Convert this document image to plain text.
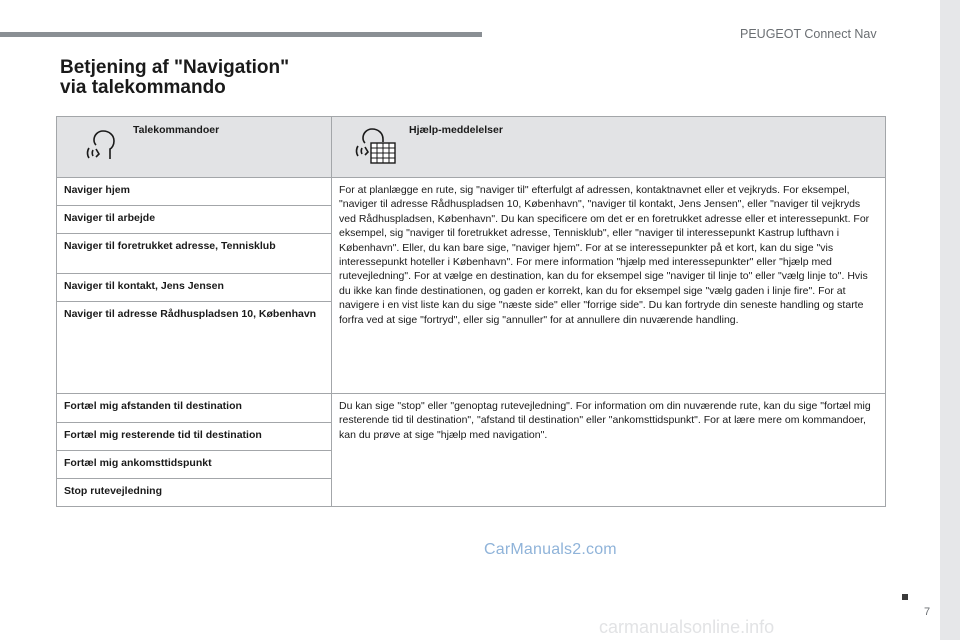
PEUGEOT Connect Nav
Betjening af "Navigation"
via talekommando
Talekommandoer	Hjælp-meddelelser

Naviger hjem	For at planlægge en rute, sig "naviger til" efterfulgt af adressen, kontaktnavnet eller et vejkryds. For eksempel, "naviger til adresse Rådhuspladsen 10, København", "naviger til kontakt, Jens Jensen", eller "naviger til vejkryds ved Rådhuspladsen, København". Du kan specificere om det er en foretrukket adresse eller et interessepunkt. For eksempel, sig "naviger til foretrukket adresse, Tennisklub", eller "naviger til interessepunkt Kastrup lufthavn i København". Eller, du kan bare sige, "naviger hjem". For at se interessepunkter på et kort, kan du sige "vis interessepunkt hoteller i København". For mere information "hjælp med interessepunkter" eller "hjælp med rutevejledning". For at vælge en destination, kan du for eksempel sige "naviger til linje to" eller "vælg linje to". Hvis du ikke kan finde destinationen, og gaden er korrekt, kan du for eksempel sige "vælg gaden i linje fire". For at navigere i en vist liste kan du sige "næste side" eller "forrige side". Du kan fortryde din seneste handling og starte forfra ved at sige "fortryd", eller sig "annuller" for at annullere din nuværende handling.
Naviger til arbejde	
Naviger til foretrukket adresse, Tennisklub	
Naviger til kontakt, Jens Jensen	
Naviger til adresse Rådhuspladsen 10, København	
Fortæl mig afstanden til destination	Du kan sige "stop" eller "genoptag rutevejledning". For information om din nuværende rute, kan du sige "fortæl mig resterende tid til destination", "afstand til destination" eller "ankomsttidspunkt". For at lære mere om kommandoer, kan du prøve at sige "hjælp med navigation".
Fortæl mig resterende tid til destination	
Fortæl mig ankomsttidspunkt	
Stop rutevejledning	
CarManuals2.com
7
carmanualsonline.info
